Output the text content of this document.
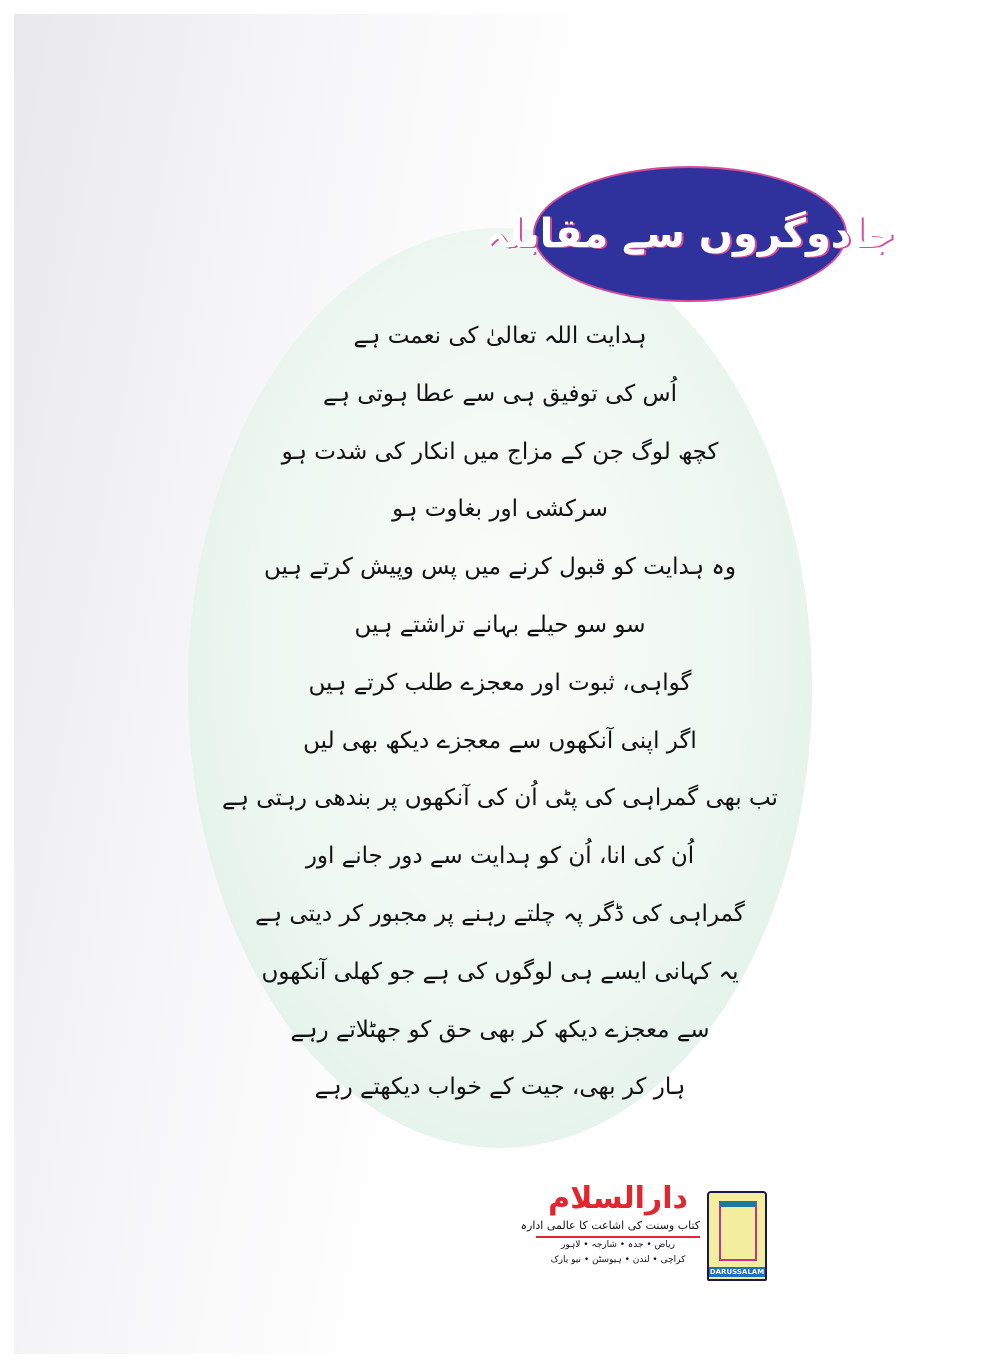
جادوگروں سے مقابلہ
ہدایت اللہ تعالیٰ کی نعمت ہے
اُس کی توفیق ہی سے عطا ہوتی ہے
کچھ لوگ جن کے مزاج میں انکار کی شدت ہو
سرکشی اور بغاوت ہو
وہ ہدایت کو قبول کرنے میں پس وپیش کرتے ہیں
سو سو حیلے بہانے تراشتے ہیں
گواہی، ثبوت اور معجزے طلب کرتے ہیں
اگر اپنی آنکھوں سے معجزے دیکھ بھی لیں
تب بھی گمراہی کی پٹی اُن کی آنکھوں پر بندھی رہتی ہے
اُن کی انا، اُن کو ہدایت سے دور جانے اور
گمراہی کی ڈگر پہ چلتے رہنے پر مجبور کر دیتی ہے
یہ کہانی ایسے ہی لوگوں کی ہے جو کھلی آنکھوں
سے معجزے دیکھ کر بھی حق کو جھٹلاتے رہے
ہار کر بھی، جیت کے خواب دیکھتے رہے
دارالسلام
کتاب وسنت کی اشاعت کا عالمی ادارہ
ریاض • جدہ • شارجہ • لاہور
کراچی • لندن • ہیوسٹن • نیو یارک
DARUSSALAM
